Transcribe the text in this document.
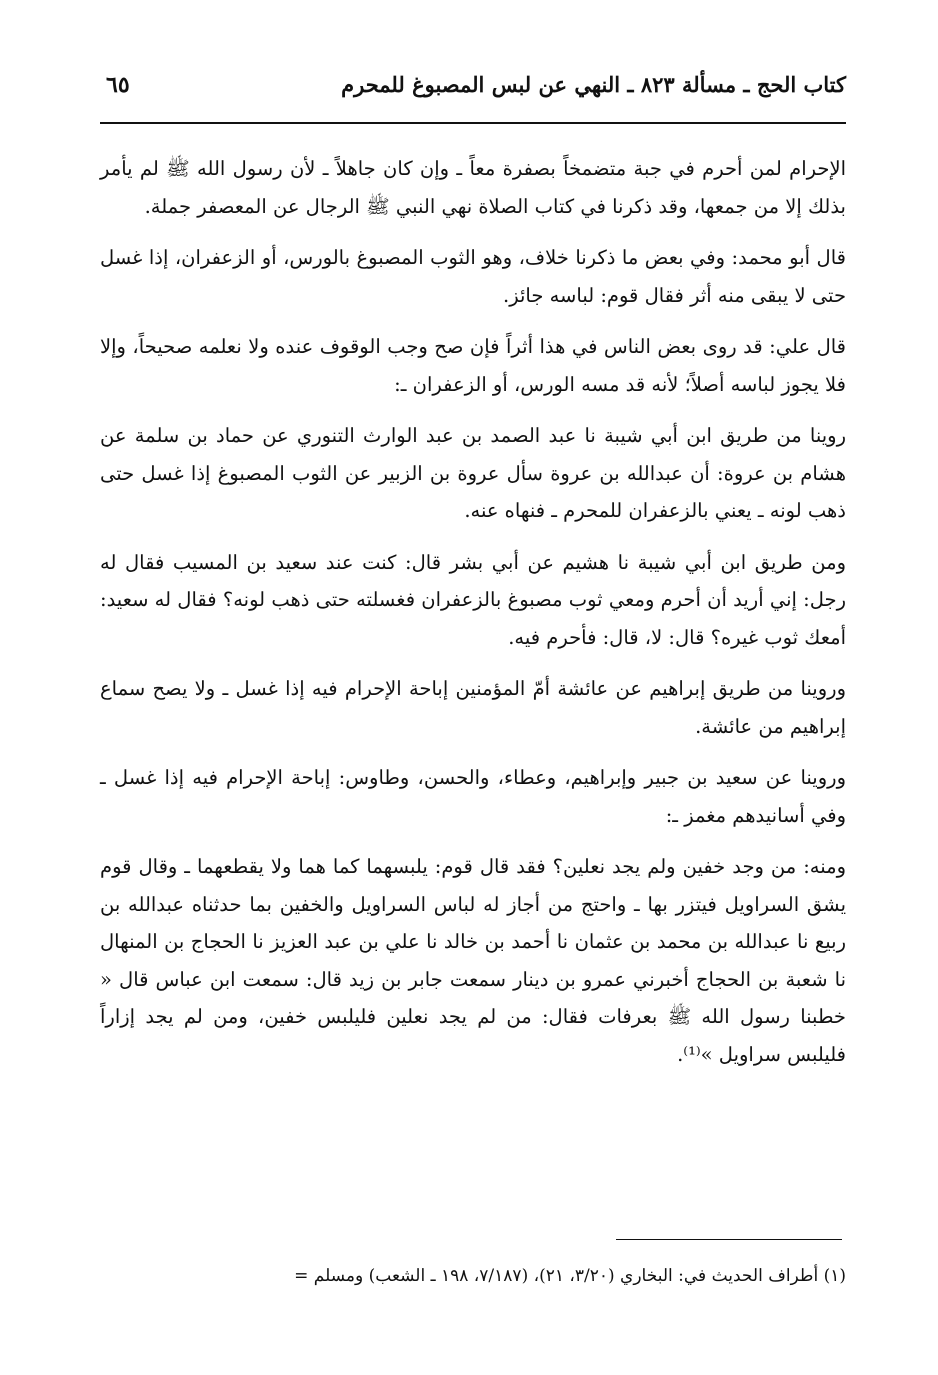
كتاب الحج ـ مسألة ٨٢٣ ـ النهي عن لبس المصبوغ للمحرم
٦٥

الإحرام لمن أحرم في جبة متضمخاً بصفرة معاً ـ وإن كان جاهلاً ـ لأن رسول الله ﷺ لم يأمر بذلك إلا من جمعها، وقد ذكرنا في كتاب الصلاة نهي النبي ﷺ الرجال عن المعصفر جملة.

قال أبو محمد: وفي بعض ما ذكرنا خلاف، وهو الثوب المصبوغ بالورس، أو الزعفران، إذا غسل حتى لا يبقى منه أثر فقال قوم: لباسه جائز.

قال علي: قد روى بعض الناس في هذا أثراً فإن صح وجب الوقوف عنده ولا نعلمه صحيحاً، وإلا فلا يجوز لباسه أصلاً؛ لأنه قد مسه الورس، أو الزعفران ـ:

روينا من طريق ابن أبي شيبة نا عبد الصمد بن عبد الوارث التنوري عن حماد بن سلمة عن هشام بن عروة: أن عبدالله بن عروة سأل عروة بن الزبير عن الثوب المصبوغ إذا غسل حتى ذهب لونه ـ يعني بالزعفران للمحرم ـ فنهاه عنه.

ومن طريق ابن أبي شيبة نا هشيم عن أبي بشر قال: كنت عند سعيد بن المسيب فقال له رجل: إني أريد أن أحرم ومعي ثوب مصبوغ بالزعفران فغسلته حتى ذهب لونه؟ فقال له سعيد: أمعك ثوب غيره؟ قال: لا، قال: فأحرم فيه.

وروينا من طريق إبراهيم عن عائشة أمّ المؤمنين إباحة الإحرام فيه إذا غسل ـ ولا يصح سماع إبراهيم من عائشة.

وروينا عن سعيد بن جبير وإبراهيم، وعطاء، والحسن، وطاوس: إباحة الإحرام فيه إذا غسل ـ وفي أسانيدهم مغمز ـ:

ومنه: من وجد خفين ولم يجد نعلين؟ فقد قال قوم: يلبسهما كما هما ولا يقطعهما ـ وقال قوم يشق السراويل فيتزر بها ـ واحتج من أجاز له لباس السراويل والخفين بما حدثناه عبدالله بن ربيع نا عبدالله بن محمد بن عثمان نا أحمد بن خالد نا علي بن عبد العزيز نا الحجاج بن المنهال نا شعبة بن الحجاج أخبرني عمرو بن دينار سمعت جابر بن زيد قال: سمعت ابن عباس قال « خطبنا رسول الله ﷺ بعرفات فقال: من لم يجد نعلين فليلبس خفين، ومن لم يجد إزاراً فليلبس سراويل »⁽¹⁾.

(١) أطراف الحديث في: البخاري (٣/٢٠، ٢١)، (٧/١٨٧، ١٩٨ ـ الشعب) ومسلم =
